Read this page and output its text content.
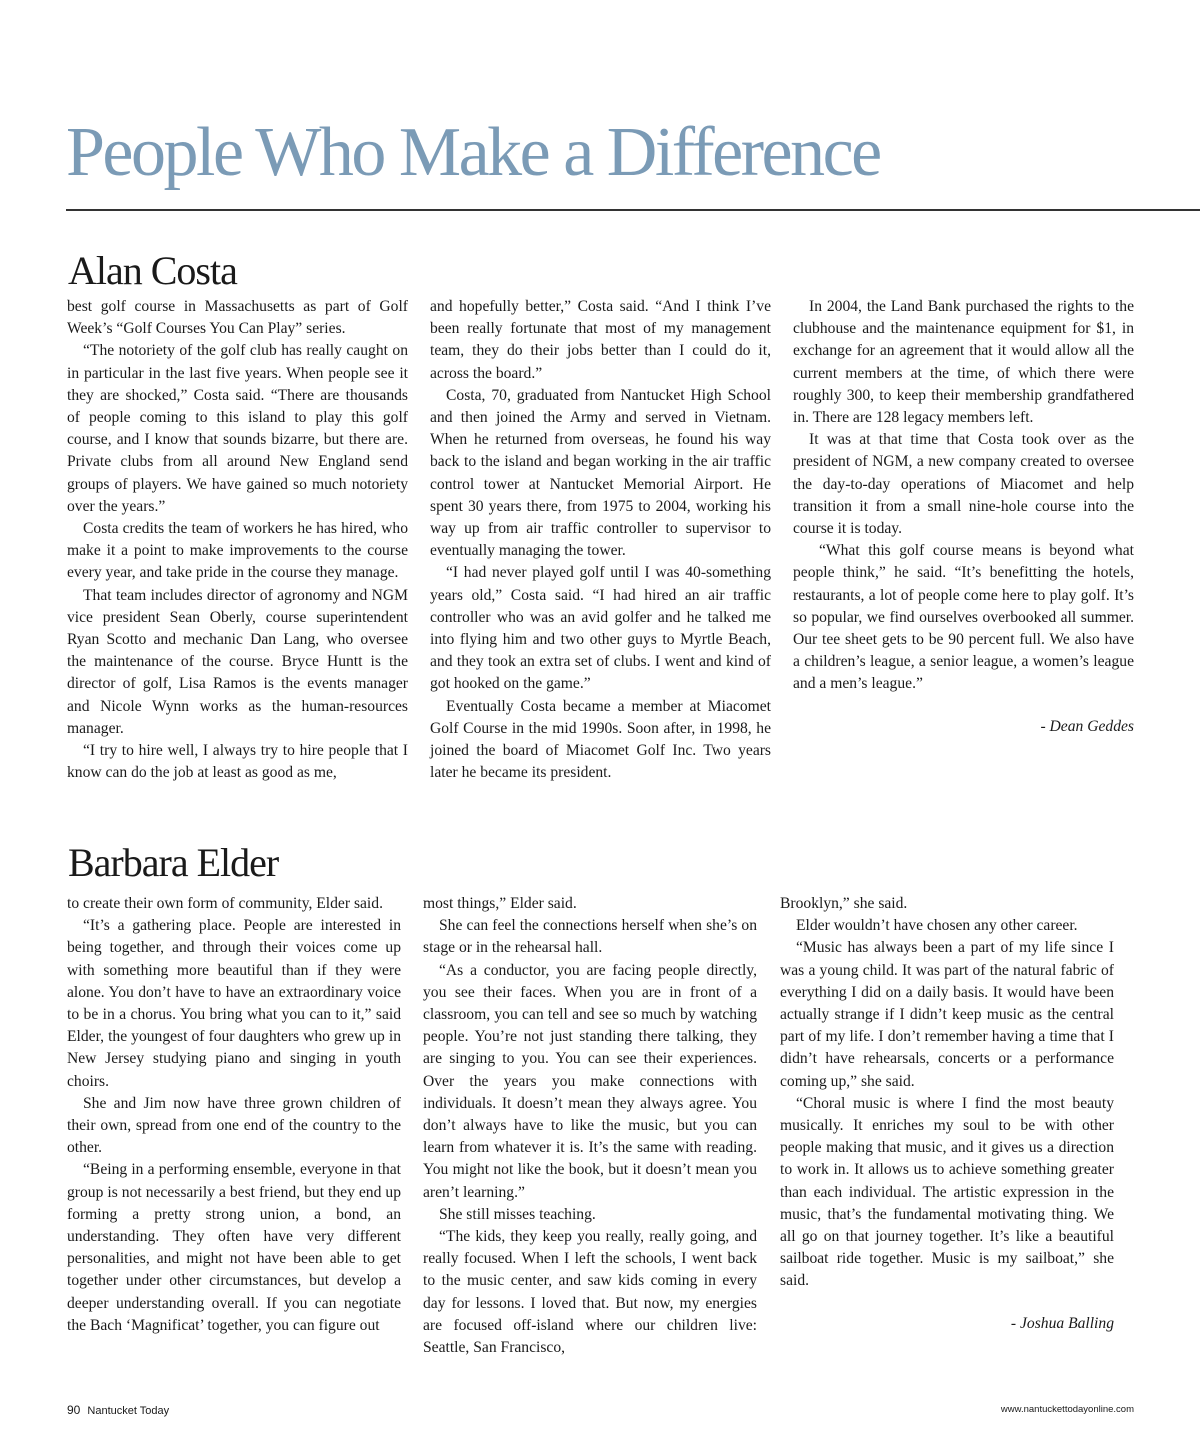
People Who Make a Difference
Alan Costa

best golf course in Massachusetts as part of Golf Week’s “Golf Courses You Can Play” series.

“The notoriety of the golf club has really caught on in particular in the last five years. When people see it they are shocked,” Costa said. “There are thousands of people coming to this island to play this golf course, and I know that sounds bizarre, but there are. Private clubs from all around New England send groups of players. We have gained so much notoriety over the years.”

Costa credits the team of workers he has hired, who make it a point to make improvements to the course every year, and take pride in the course they manage.

That team includes director of agronomy and NGM vice president Sean Oberly, course superintendent Ryan Scotto and mechanic Dan Lang, who oversee the maintenance of the course. Bryce Huntt is the director of golf, Lisa Ramos is the events manager and Nicole Wynn works as the human-resources manager.

“I try to hire well, I always try to hire people that I know can do the job at least as good as me,

and hopefully better,” Costa said. “And I think I’ve been really fortunate that most of my management team, they do their jobs better than I could do it, across the board.”

Costa, 70, graduated from Nantucket High School and then joined the Army and served in Vietnam. When he returned from overseas, he found his way back to the island and began working in the air traffic control tower at Nantucket Memorial Airport. He spent 30 years there, from 1975 to 2004, working his way up from air traffic controller to supervisor to eventually managing the tower.

“I had never played golf until I was 40-something years old,” Costa said. “I had hired an air traffic controller who was an avid golfer and he talked me into flying him and two other guys to Myrtle Beach, and they took an extra set of clubs. I went and kind of got hooked on the game.”

Eventually Costa became a member at Miacomet Golf Course in the mid 1990s. Soon after, in 1998, he joined the board of Miacomet Golf Inc. Two years later he became its president.

In 2004, the Land Bank purchased the rights to the clubhouse and the maintenance equipment for $1, in exchange for an agreement that it would allow all the current members at the time, of which there were roughly 300, to keep their membership grandfathered in. There are 128 legacy members left.

It was at that time that Costa took over as the president of NGM, a new company created to oversee the day-to-day operations of Miacomet and help transition it from a small nine-hole course into the course it is today.

“What this golf course means is beyond what people think,” he said. “It’s benefitting the hotels, restaurants, a lot of people come here to play golf. It’s so popular, we find ourselves overbooked all summer. Our tee sheet gets to be 90 percent full. We also have a children’s league, a senior league, a women’s league and a men’s league.”

- Dean Geddes

Barbara Elder

to create their own form of community, Elder said.

“It’s a gathering place. People are interested in being together, and through their voices come up with something more beautiful than if they were alone. You don’t have to have an extraordinary voice to be in a chorus. You bring what you can to it,” said Elder, the youngest of four daughters who grew up in New Jersey studying piano and singing in youth choirs.

She and Jim now have three grown children of their own, spread from one end of the country to the other.

“Being in a performing ensemble, everyone in that group is not necessarily a best friend, but they end up forming a pretty strong union, a bond, an understanding. They often have very different personalities, and might not have been able to get together under other circumstances, but develop a deeper understanding overall. If you can negotiate the Bach ‘Magnificat’ together, you can figure out

most things,” Elder said.

She can feel the connections herself when she’s on stage or in the rehearsal hall.

“As a conductor, you are facing people directly, you see their faces. When you are in front of a classroom, you can tell and see so much by watching people. You’re not just standing there talking, they are singing to you. You can see their experiences. Over the years you make connections with individuals. It doesn’t mean they always agree. You don’t always have to like the music, but you can learn from whatever it is. It’s the same with reading. You might not like the book, but it doesn’t mean you aren’t learning.”

She still misses teaching.

“The kids, they keep you really, really going, and really focused. When I left the schools, I went back to the music center, and saw kids coming in every day for lessons. I loved that. But now, my energies are focused off-island where our children live: Seattle, San Francisco,

Brooklyn,” she said.

Elder wouldn’t have chosen any other career.

“Music has always been a part of my life since I was a young child. It was part of the natural fabric of everything I did on a daily basis. It would have been actually strange if I didn’t keep music as the central part of my life. I don’t remember having a time that I didn’t have rehearsals, concerts or a performance coming up,” she said.

“Choral music is where I find the most beauty musically. It enriches my soul to be with other people making that music, and it gives us a direction to work in. It allows us to achieve something greater than each individual. The artistic expression in the music, that’s the fundamental motivating thing. We all go on that journey together. It’s like a beautiful sailboat ride together. Music is my sailboat,” she said.

- Joshua Balling

90 Nantucket Today	www.nantuckettodayonline.com
